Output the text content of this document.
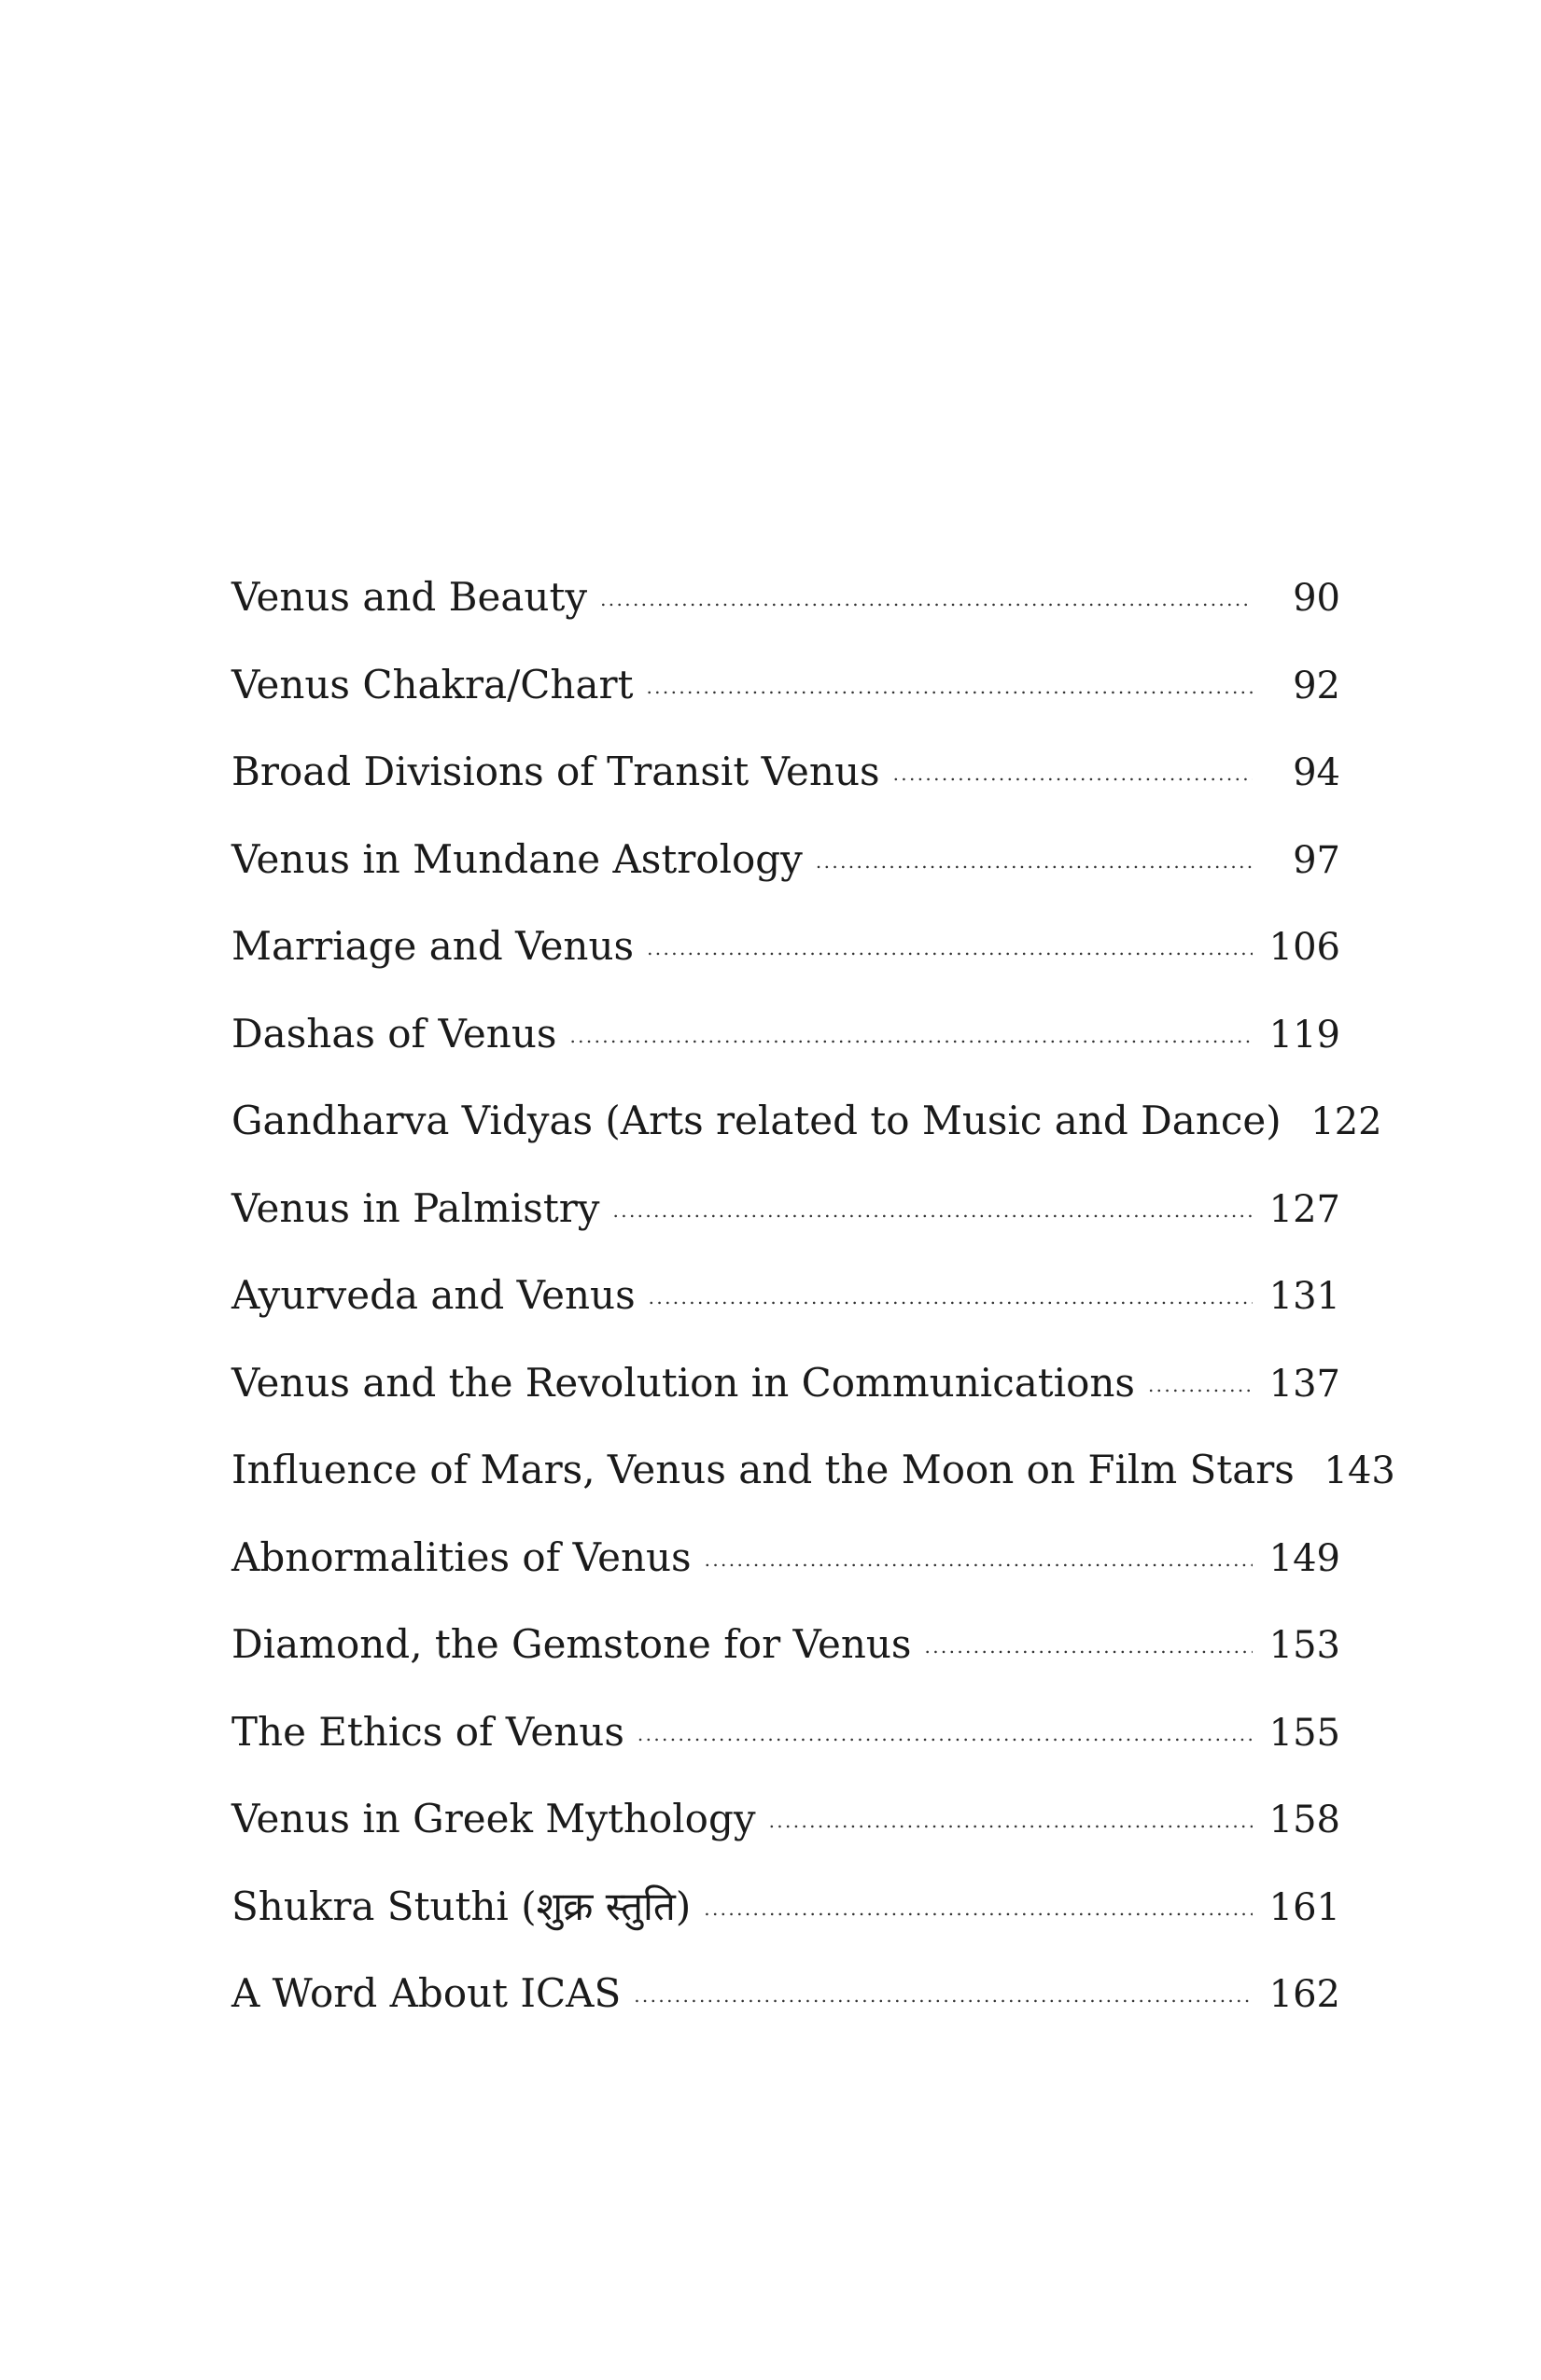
Venus and Beauty . . .	90
Venus Chakra/Chart . . .	92
Broad Divisions of Transit Venus . . .	94
Venus in Mundane Astrology . . .	97
Marriage and Venus . . .	106
Dashas of Venus . . .	119
Gandharva Vidyas (Arts related to Music and Dance) 122
Venus in Palmistry . . .	127
Ayurveda and Venus . . .	131
Venus and the Revolution in Communications . . .	137
Influence of Mars, Venus and the Moon on Film Stars 143
Abnormalities of Venus . . .	149
Diamond, the Gemstone for Venus . . .	153
The Ethics of Venus . . .	155
Venus in Greek Mythology . . .	158
Shukra Stuthi (शुक्र स्तुति) . . .	161
A Word About ICAS . . .	162
